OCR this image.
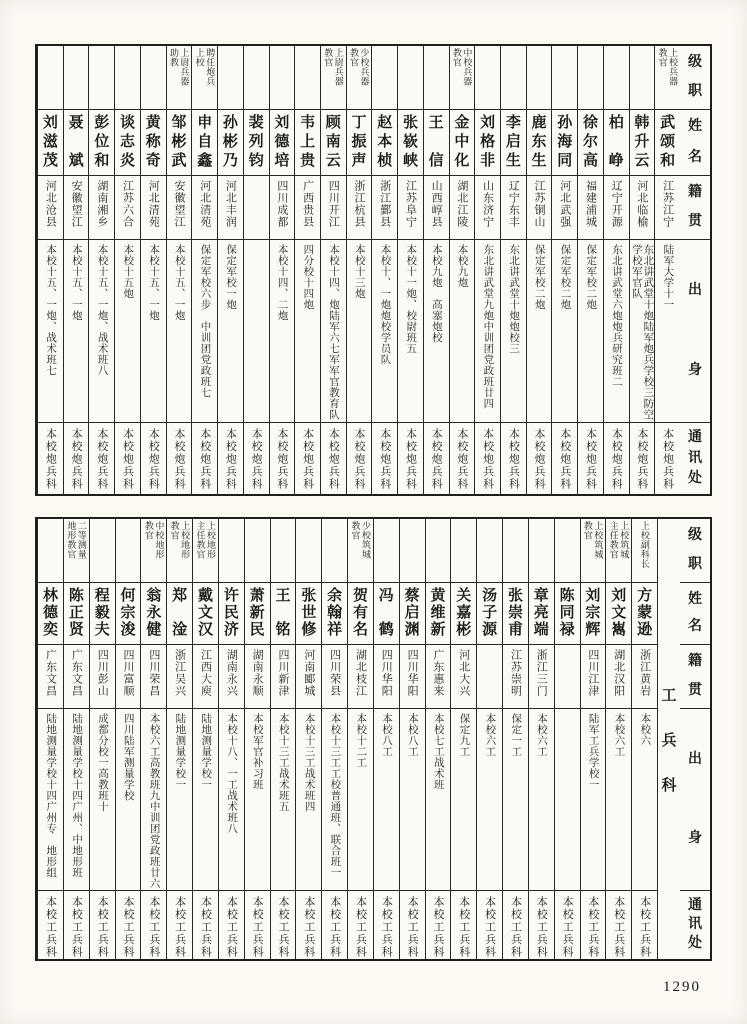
级
职
姓
名
籍
贯
出
身
通
讯
处
上校兵器　教官
武
颂
和
江苏江宁
陆军大学十一
本校炮兵科
韩
升
云
河北临榆
东北讲武堂十炮陆军炮兵学校三防空学校军官队
本校炮兵科
柏
峥
辽宁开源
东北讲武堂六炮炮兵研究班二
本校炮兵科
徐
尔
高
福建浦城
保定军校二炮
本校炮兵科
孙
海
同
河北武强
保定军校二炮
本校炮兵科
鹿
东
生
江苏铜山
保定军校二炮
本校炮兵科
李
启
生
辽宁东丰
东北讲武堂十炮炮校三
本校炮兵科
刘
格
非
山东济宁
东北讲武堂九炮中训团党政班廿四
本校炮兵科
中校兵器　教官
金
中
化
湖北江陵
本校九炮
本校炮兵科
王
信
山西崞县
本校九炮　高塞炮校
本校炮兵科
张
嵚
峡
江苏阜宁
本校十一炮、校尉班五
本校炮兵科
赵
本
桢
浙江鄞县
本校十、一炮炮校学员队
本校炮兵科
少校兵器　教官
丁
振
声
浙江杭县
本校十三炮
本校炮兵科
上尉兵器　教官
顾
南
云
四川开江
本校十四、炮陆军六七军军官教育队
本校炮兵科
韦
上
贵
广西贵县
四分校十四炮
本校炮兵科
刘
德
培
四川成都
本校十四、二炮
本校炮兵科
裴
列
钧
本校炮兵科
孙
彬
乃
河北丰润
保定军校一炮
本校炮兵科
聘任炮兵　上校
申
自
鑫
河北清苑
保定军校六步　中训团党政班七
本校炮兵科
上尉兵器　助教
邹
彬
武
安徽望江
本校十五、一炮
本校炮兵科
黄
称
奇
河北清苑
本校十五、一炮
本校炮兵科
谈
志
炎
江苏六合
本校十五炮
本校炮兵科
彭
位
和
湖南湘乡
本校十五、一炮、战术班八
本校炮兵科
聂
斌
安徽望江
本校十五、一炮
本校炮兵科
刘
滋
茂
河北沧县
本校十五、一炮、战术班七
本校炮兵科
级
职
姓
名
籍
贯
出
身
通
讯
处
工
兵
科
上校副科长
方
蒙
逊
浙江黄岩
本校六
本校工兵科
上校筑城　主任教官
刘
文
嶲
湖北汉阳
本校六工
本校工兵科
上校筑城　教官
刘
宗
辉
四川江津
陆军工兵学校一
本校工兵科
陈
同
禄
本校工兵科
章
亮
端
浙江三门
本校六工
本校工兵科
张
崇
甫
江苏崇明
保定一工
本校工兵科
汤
子
源
本校六工
本校工兵科
关
嘉
彬
河北大兴
保定九工
本校工兵科
黄
维
新
广东惠来
本校七工战术班
本校工兵科
蔡
启
渊
四川华阳
本校八工
本校工兵科
冯
鹤
四川华阳
本校八工
本校工兵科
少校筑城　教官
贺
有
名
湖北枝江
本校十二工
本校工兵科
余
翰
祥
四川荣县
本校十三工工校普通班、联合班一
本校工兵科
张
世
修
河南郾城
本校十三工战术班四
本校工兵科
王
铭
四川新津
本校十三工战术班五
本校工兵科
萧
新
民
湖南永顺
本校军官补习班
本校工兵科
许
民
济
湖南永兴
本校十八、一工战术班八
本校工兵科
上校地形　主任教官
戴
文
汉
江西大庾
陆地测量学校一
本校工兵科
上校地形　教官
郑
淦
浙江吴兴
陆地测量学校一
本校工兵科
中校地形　教官
翁
永
健
四川荣昌
本校六工高教班九中训团党政班廿六
本校工兵科
何
宗
浚
四川富顺
四川陆军测量学校
本校工兵科
程
毅
夫
四川彭山
成都分校一高教班十
本校工兵科
二等测量　地形教官
陈
正
贤
广东文昌
陆地测量学校十四广州、中地形班
本校工兵科
林
德
奕
广东文昌
陆地测量学校十四广州专　地形组
本校工兵科
1290
